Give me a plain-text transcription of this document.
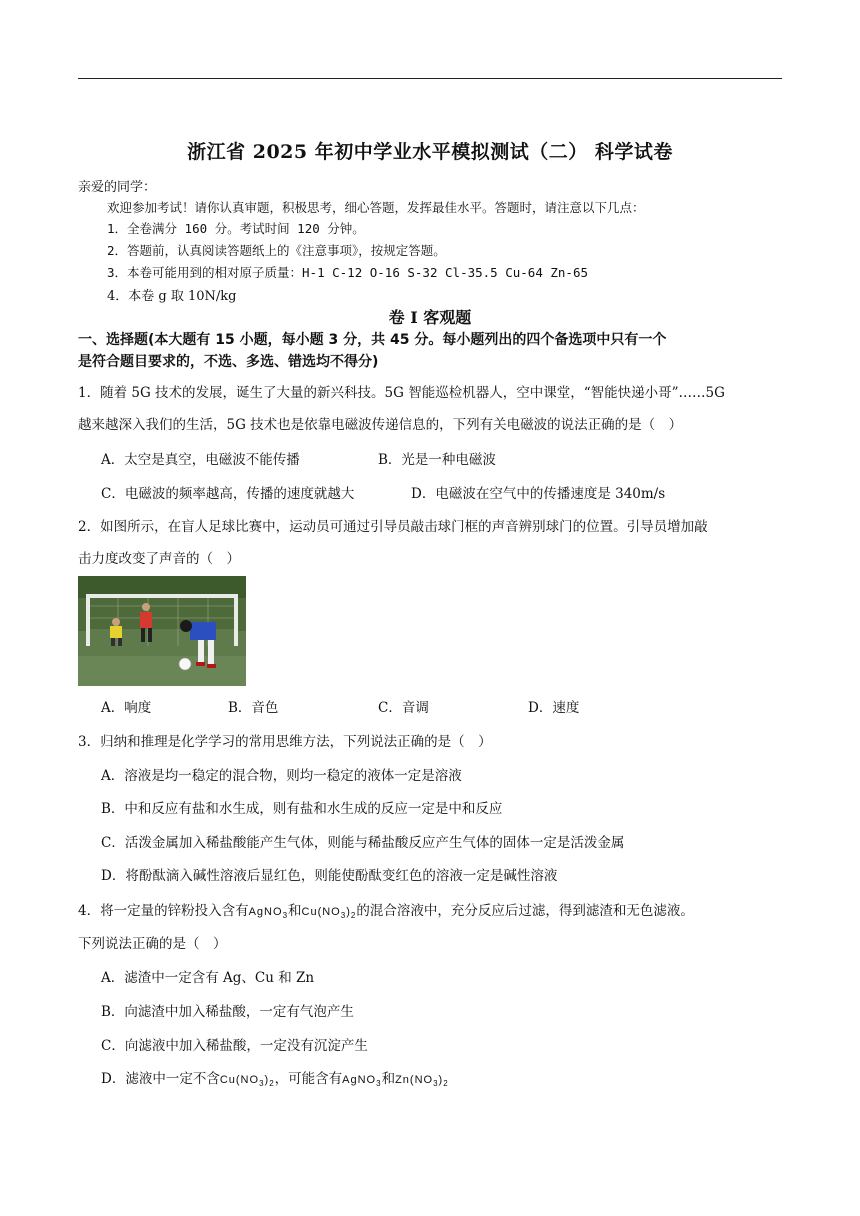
浙江省 2025 年初中学业水平模拟测试（二） 科学试卷
亲爱的同学：
欢迎参加考试！请你认真审题，积极思考，细心答题，发挥最佳水平。答题时，请注意以下几点：
1．全卷满分 160 分。考试时间 120 分钟。
2．答题前，认真阅读答题纸上的《注意事项》，按规定答题。
3．本卷可能用到的相对原子质量：H-1 C-12 O-16 S-32 Cl-35.5 Cu-64 Zn-65
4．本卷 g 取 10N/kg
卷 I 客观题
一、选择题(本大题有 15 小题，每小题 3 分，共 45 分。每小题列出的四个备选项中只有一个
是符合题目要求的，不选、多选、错选均不得分)
1．随着 5G 技术的发展，诞生了大量的新兴科技。5G 智能巡检机器人，空中课堂，“智能快递小哥”……5G
越来越深入我们的生活，5G 技术也是依靠电磁波传递信息的，下列有关电磁波的说法正确的是（　）
A．太空是真空，电磁波不能传播	B．光是一种电磁波
C．电磁波的频率越高，传播的速度就越大	D．电磁波在空气中的传播速度是 340m/s
2．如图所示，在盲人足球比赛中，运动员可通过引导员敲击球门框的声音辨别球门的位置。引导员增加敲
击力度改变了声音的（　）
A．响度	B．音色	C．音调	D．速度
3．归纳和推理是化学学习的常用思维方法，下列说法正确的是（　）
A．溶液是均一稳定的混合物，则均一稳定的液体一定是溶液
B．中和反应有盐和水生成，则有盐和水生成的反应一定是中和反应
C．活泼金属加入稀盐酸能产生气体，则能与稀盐酸反应产生气体的固体一定是活泼金属
D．将酚酞滴入碱性溶液后显红色，则能使酚酞变红色的溶液一定是碱性溶液
4．将一定量的锌粉投入含有AgNO$_3$和$Cu(NO_3)_2$的混合溶液中，充分反应后过滤，得到滤渣和无色滤液。
下列说法正确的是（　）
A．滤渣中一定含有 Ag、Cu 和 Zn
B．向滤渣中加入稀盐酸，一定有气泡产生
C．向滤液中加入稀盐酸，一定没有沉淀产生
D．滤液中一定不含$Cu(NO_3)_2$，可能含有AgNO$_3$和$Zn(NO_3)_2$
